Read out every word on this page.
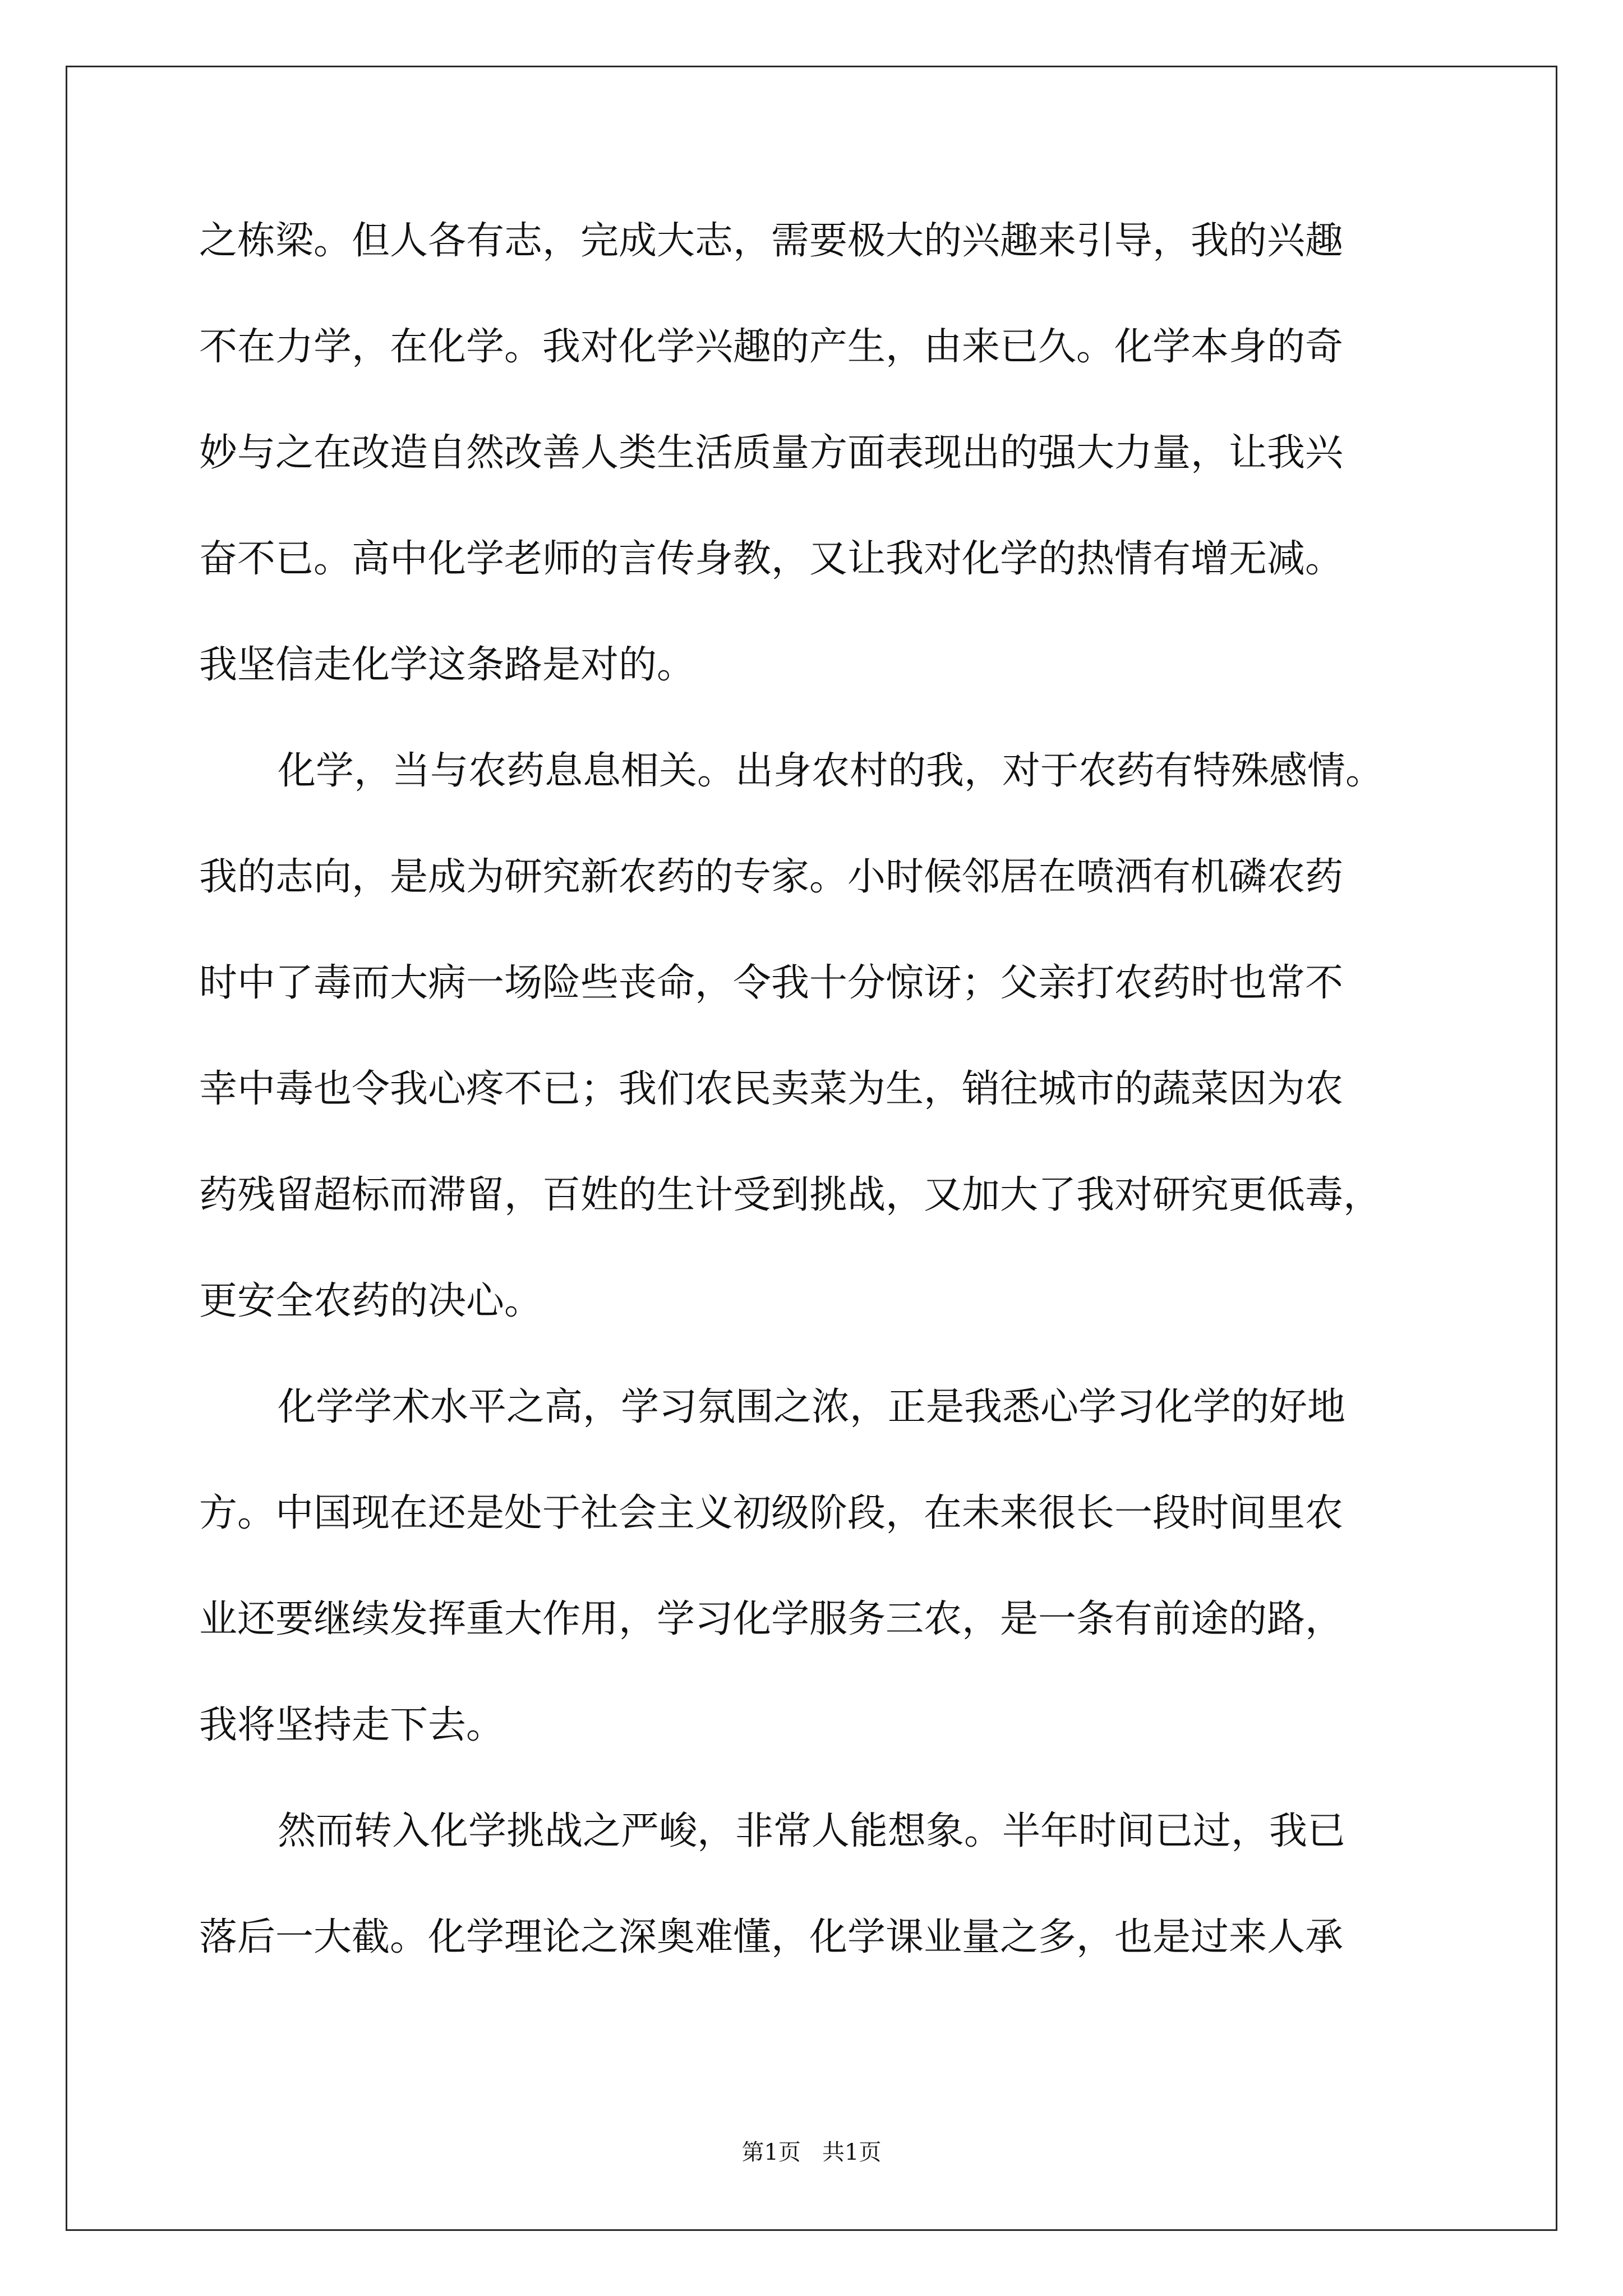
之栋梁。但人各有志，完成大志，需要极大的兴趣来引导，我的兴趣
不在力学，在化学。我对化学兴趣的产生，由来已久。化学本身的奇
妙与之在改造自然改善人类生活质量方面表现出的强大力量，让我兴
奋不已。高中化学老师的言传身教，又让我对化学的热情有增无减。
我坚信走化学这条路是对的。
化学，当与农药息息相关。出身农村的我，对于农药有特殊感情。
我的志向，是成为研究新农药的专家。小时候邻居在喷洒有机磷农药
时中了毒而大病一场险些丧命，令我十分惊讶；父亲打农药时也常不
幸中毒也令我心疼不已；我们农民卖菜为生，销往城市的蔬菜因为农
药残留超标而滞留，百姓的生计受到挑战，又加大了我对研究更低毒，
更安全农药的决心。
化学学术水平之高，学习氛围之浓，正是我悉心学习化学的好地
方。中国现在还是处于社会主义初级阶段，在未来很长一段时间里农
业还要继续发挥重大作用，学习化学服务三农，是一条有前途的路，
我将坚持走下去。
然而转入化学挑战之严峻，非常人能想象。半年时间已过，我已
落后一大截。化学理论之深奥难懂，化学课业量之多，也是过来人承
第1页   共1页
